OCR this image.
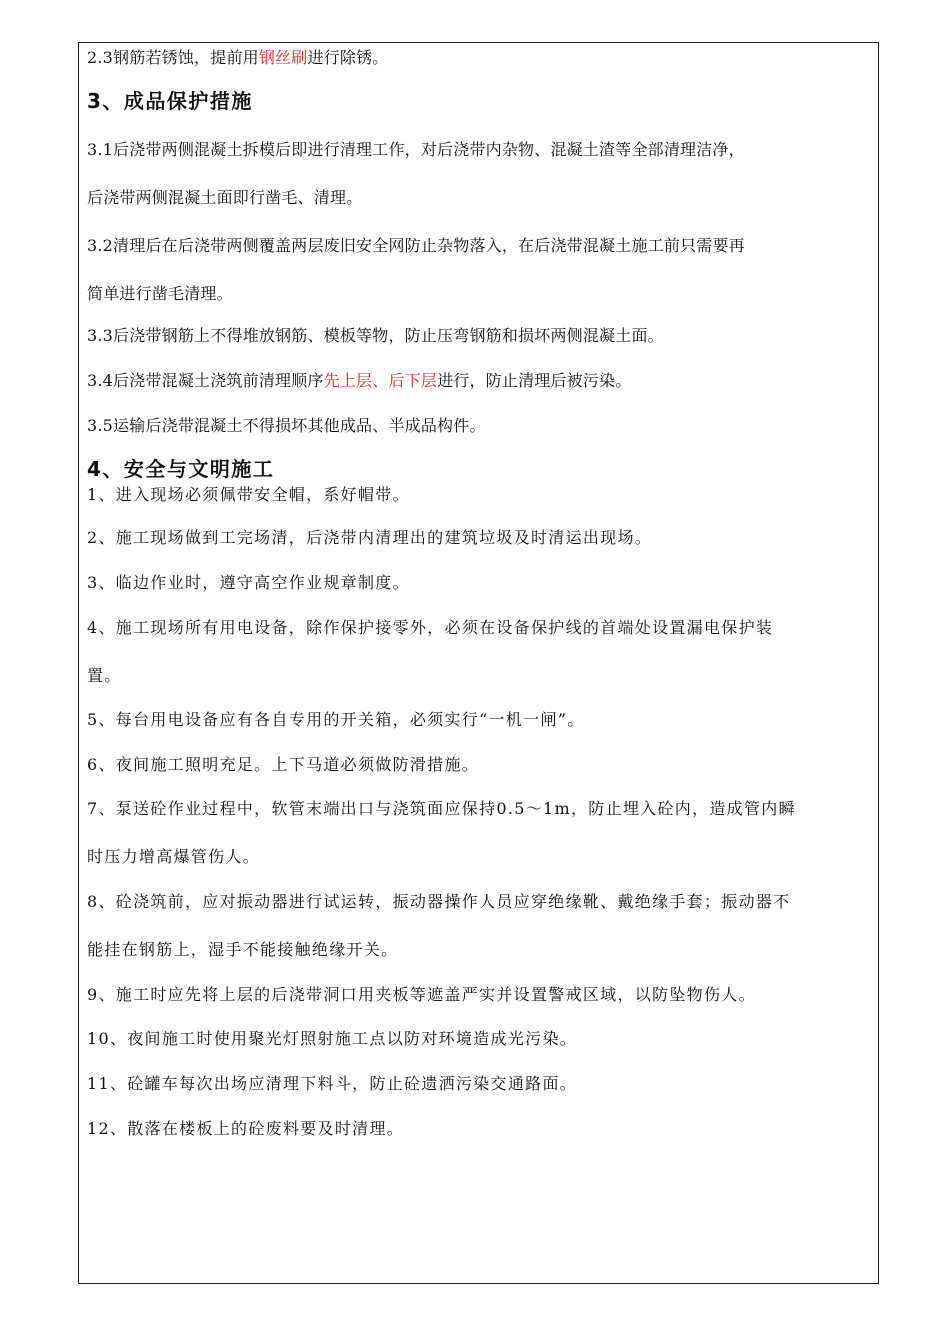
2.3钢筋若锈蚀，提前用钢丝刷进行除锈。
3、成品保护措施
3.1后浇带两侧混凝土拆模后即进行清理工作，对后浇带内杂物、混凝土渣等全部清理洁净，
后浇带两侧混凝土面即行凿毛、清理。
3.2清理后在后浇带两侧覆盖两层废旧安全网防止杂物落入，在后浇带混凝土施工前只需要再
简单进行凿毛清理。
3.3后浇带钢筋上不得堆放钢筋、模板等物，防止压弯钢筋和损坏两侧混凝土面。
3.4后浇带混凝土浇筑前清理顺序先上层、后下层进行，防止清理后被污染。
3.5运输后浇带混凝土不得损坏其他成品、半成品构件。
4、安全与文明施工
1、进入现场必须佩带安全帽，系好帽带。
2、施工现场做到工完场清，后浇带内清理出的建筑垃圾及时清运出现场。
3、临边作业时，遵守高空作业规章制度。
4、施工现场所有用电设备，除作保护接零外，必须在设备保护线的首端处设置漏电保护装
置。
5、每台用电设备应有各自专用的开关箱，必须实行“一机一闸”。
6、夜间施工照明充足。上下马道必须做防滑措施。
7、泵送砼作业过程中，软管末端出口与浇筑面应保持0.5～1m，防止埋入砼内，造成管内瞬
时压力增高爆管伤人。
8、砼浇筑前，应对振动器进行试运转，振动器操作人员应穿绝缘靴、戴绝缘手套；振动器不
能挂在钢筋上，湿手不能接触绝缘开关。
9、施工时应先将上层的后浇带洞口用夹板等遮盖严实并设置警戒区域，以防坠物伤人。
10、夜间施工时使用聚光灯照射施工点以防对环境造成光污染。
11、砼罐车每次出场应清理下料斗，防止砼遗洒污染交通路面。
12、散落在楼板上的砼废料要及时清理。
